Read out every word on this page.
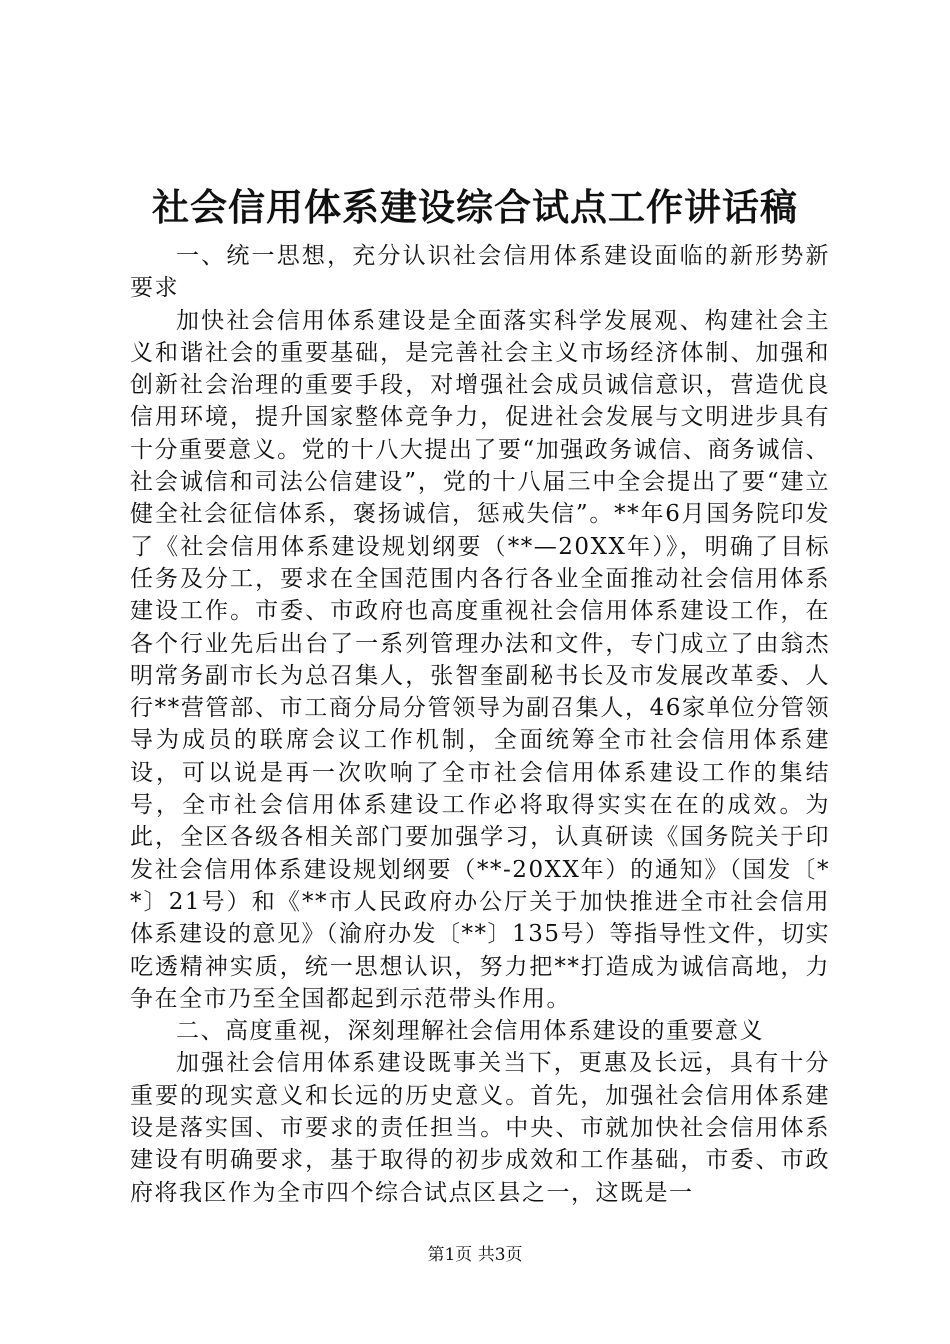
社会信用体系建设综合试点工作讲话稿

一、统一思想，充分认识社会信用体系建设面临的新形势新要求

加快社会信用体系建设是全面落实科学发展观、构建社会主义和谐社会的重要基础，是完善社会主义市场经济体制、加强和创新社会治理的重要手段，对增强社会成员诚信意识，营造优良信用环境，提升国家整体竞争力，促进社会发展与文明进步具有十分重要意义。党的十八大提出了要“加强政务诚信、商务诚信、社会诚信和司法公信建设”，党的十八届三中全会提出了要“建立健全社会征信体系，褒扬诚信，惩戒失信”。**年6月国务院印发了《社会信用体系建设规划纲要（**—20XX年）》，明确了目标任务及分工，要求在全国范围内各行各业全面推动社会信用体系建设工作。市委、市政府也高度重视社会信用体系建设工作，在各个行业先后出台了一系列管理办法和文件，专门成立了由翁杰明常务副市长为总召集人，张智奎副秘书长及市发展改革委、人行**营管部、市工商分局分管领导为副召集人，46家单位分管领导为成员的联席会议工作机制，全面统筹全市社会信用体系建设，可以说是再一次吹响了全市社会信用体系建设工作的集结号，全市社会信用体系建设工作必将取得实实在在的成效。为此，全区各级各相关部门要加强学习，认真研读《国务院关于印发社会信用体系建设规划纲要（**-20XX年）的通知》（国发〔**〕21号）和《**市人民政府办公厅关于加快推进全市社会信用体系建设的意见》（渝府办发〔**〕135号）等指导性文件，切实吃透精神实质，统一思想认识，努力把**打造成为诚信高地，力争在全市乃至全国都起到示范带头作用。

二、高度重视，深刻理解社会信用体系建设的重要意义

加强社会信用体系建设既事关当下，更惠及长远，具有十分重要的现实意义和长远的历史意义。首先，加强社会信用体系建设是落实国、市要求的责任担当。中央、市就加快社会信用体系建设有明确要求，基于取得的初步成效和工作基础，市委、市政府将我区作为全市四个综合试点区县之一，这既是一

第1页 共3页
